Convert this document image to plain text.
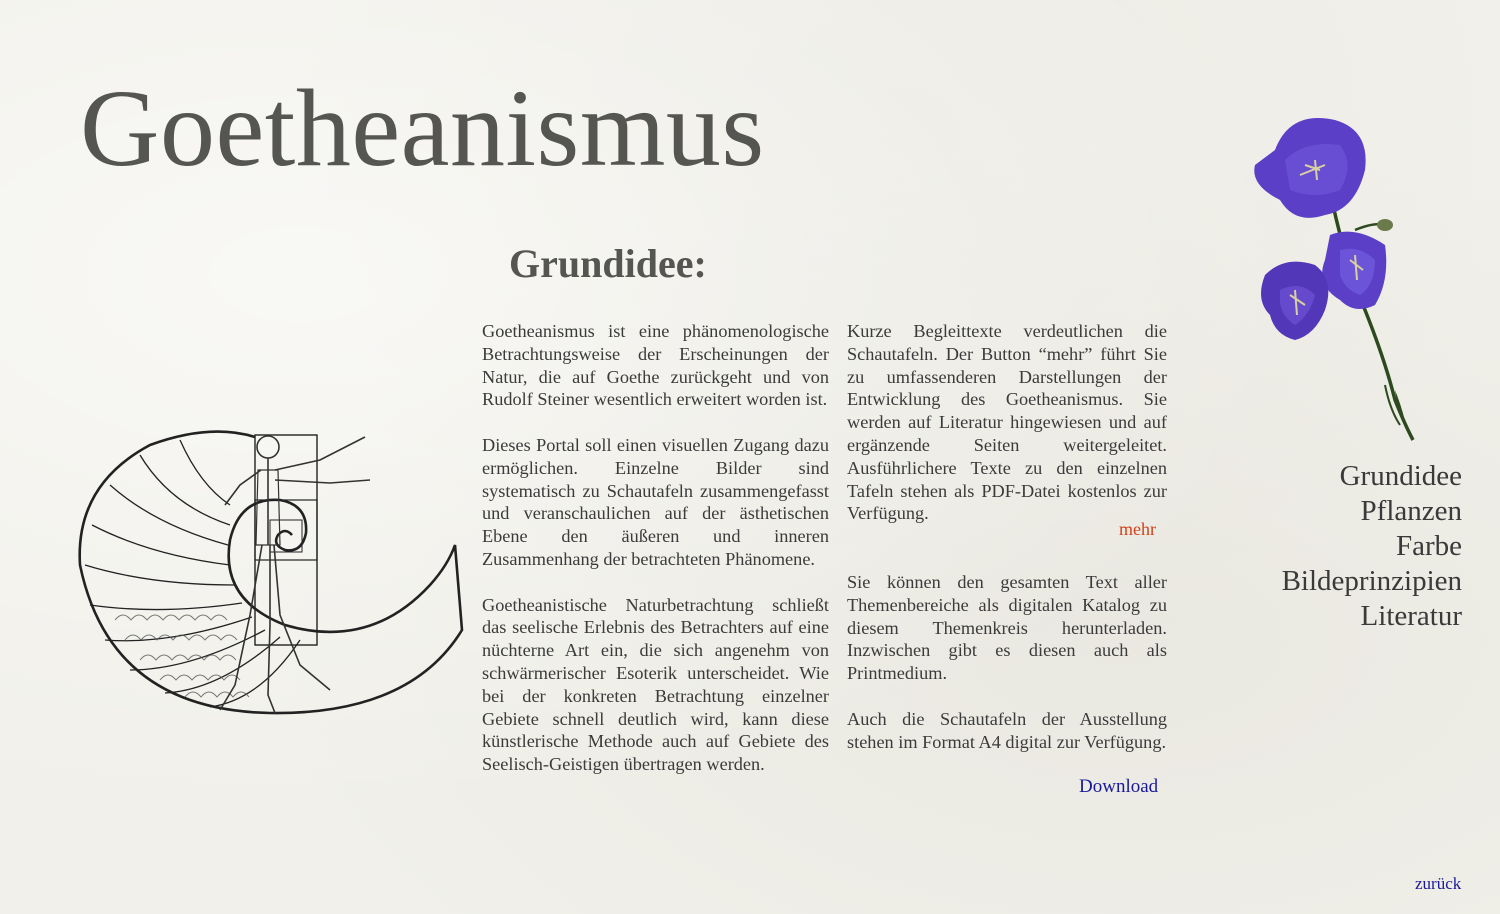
Goetheanismus
Grundidee:

Goetheanismus ist eine phänomenologische Betrachtungsweise der Erscheinungen der Natur, die auf Goethe zurückgeht und von Rudolf Steiner wesentlich erweitert worden ist.

Dieses Portal soll einen visuellen Zugang dazu ermöglichen. Einzelne Bilder sind systematisch zu Schautafeln zusammengefasst und veranschaulichen auf der ästhetischen Ebene den äußeren und inneren Zusammenhang der betrachteten Phänomene.

Goetheanistische Naturbetrachtung schließt das seelische Erlebnis des Betrachters auf eine nüchterne Art ein, die sich angenehm von schwärmerischer Esoterik unterscheidet. Wie bei der konkreten Betrachtung einzelner Gebiete schnell deutlich wird, kann diese künstlerische Methode auch auf Gebiete des Seelisch-Geistigen übertragen werden.

Kurze Begleittexte verdeutlichen die Schautafeln. Der Button “mehr” führt Sie zu umfassenderen Darstellungen der Entwicklung des Goetheanismus. Sie werden auf Literatur hingewiesen und auf ergänzende Seiten weitergeleitet. Ausführlichere Texte zu den einzelnen Tafeln stehen als PDF-Datei kostenlos zur Verfügung.

mehr

Sie können den gesamten Text aller Themenbereiche als digitalen Katalog zu diesem Themenkreis herunterladen. Inzwischen gibt es diesen auch als Printmedium.

Auch die Schautafeln der Ausstellung stehen im Format A4 digital zur Verfügung.

Download
Grundidee
Pflanzen
Farbe
Bildeprinzipien
Literatur
zurück
